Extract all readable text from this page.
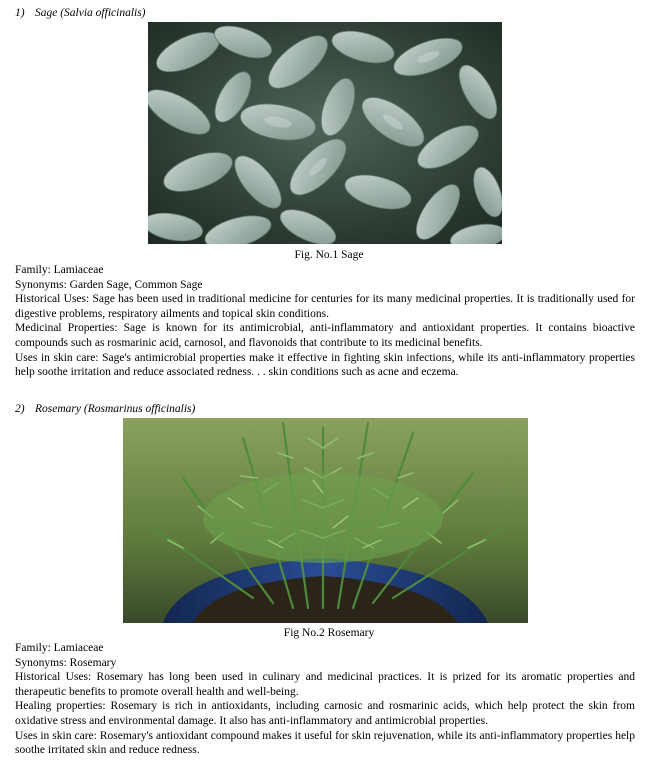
1) Sage (Salvia officinalis)
Fig. No.1 Sage

Family: Lamiaceae

Synonyms: Garden Sage, Common Sage

Historical Uses: Sage has been used in traditional medicine for centuries for its many medicinal properties. It is traditionally used for digestive problems, respiratory ailments and topical skin conditions.

Medicinal Properties: Sage is known for its antimicrobial, anti-inflammatory and antioxidant properties. It contains bioactive compounds such as rosmarinic acid, carnosol, and flavonoids that contribute to its medicinal benefits.

Uses in skin care: Sage's antimicrobial properties make it effective in fighting skin infections, while its anti-inflammatory properties help soothe irritation and reduce associated redness. . . skin conditions such as acne and eczema.

2) Rosemary (Rosmarinus officinalis)
Fig No.2 Rosemary

Family: Lamiaceae

Synonyms: Rosemary

Historical Uses: Rosemary has long been used in culinary and medicinal practices. It is prized for its aromatic properties and therapeutic benefits to promote overall health and well-being.

Healing properties: Rosemary is rich in antioxidants, including carnosic and rosmarinic acids, which help protect the skin from oxidative stress and environmental damage. It also has anti-inflammatory and antimicrobial properties.

Uses in skin care: Rosemary's antioxidant compound makes it useful for skin rejuvenation, while its anti-inflammatory properties help soothe irritated skin and reduce redness.
